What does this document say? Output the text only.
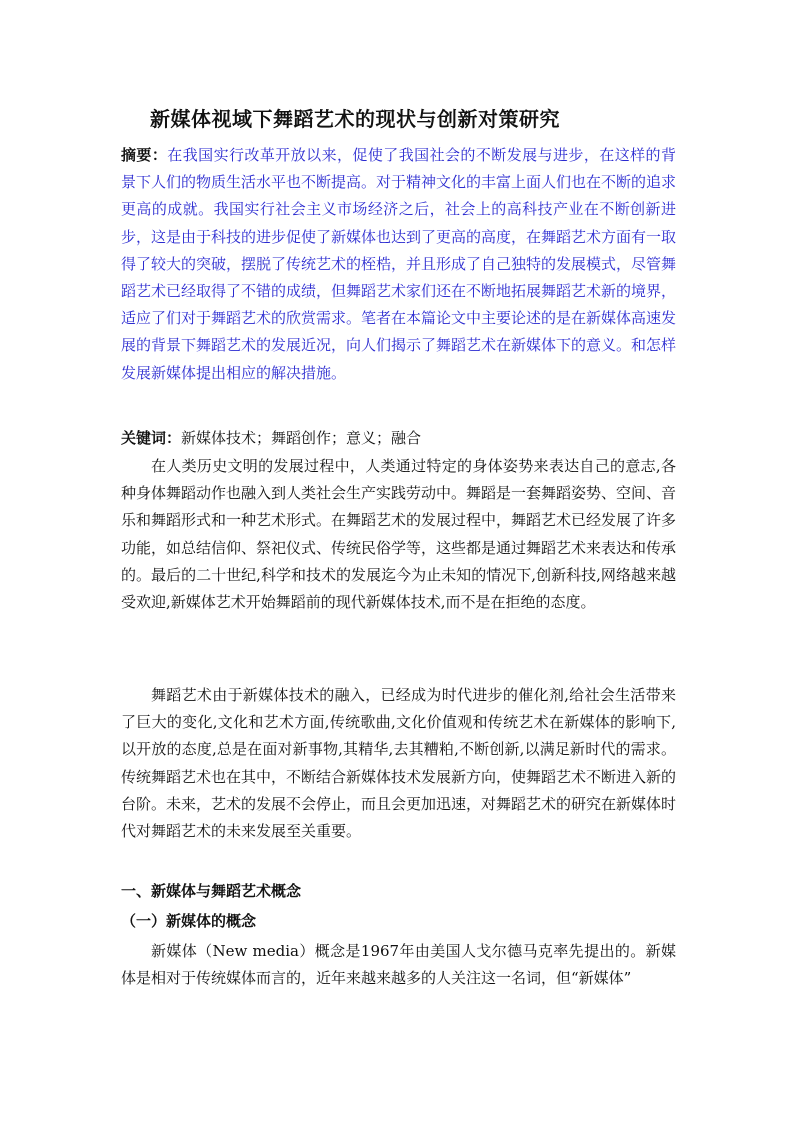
新媒体视域下舞蹈艺术的现状与创新对策研究

摘要：在我国实行改革开放以来，促使了我国社会的不断发展与进步，在这样的背景下人们的物质生活水平也不断提高。对于精神文化的丰富上面人们也在不断的追求更高的成就。我国实行社会主义市场经济之后，社会上的高科技产业在不断创新进步，这是由于科技的进步促使了新媒体也达到了更高的高度，在舞蹈艺术方面有一取得了较大的突破，摆脱了传统艺术的桎梏，并且形成了自己独特的发展模式，尽管舞蹈艺术已经取得了不错的成绩，但舞蹈艺术家们还在不断地拓展舞蹈艺术新的境界，适应了们对于舞蹈艺术的欣赏需求。笔者在本篇论文中主要论述的是在新媒体高速发展的背景下舞蹈艺术的发展近况，向人们揭示了舞蹈艺术在新媒体下的意义。和怎样发展新媒体提出相应的解决措施。

关键词：新媒体技术；舞蹈创作；意义；融合

在人类历史文明的发展过程中，人类通过特定的身体姿势来表达自己的意志,各种身体舞蹈动作也融入到人类社会生产实践劳动中。舞蹈是一套舞蹈姿势、空间、音乐和舞蹈形式和一种艺术形式。在舞蹈艺术的发展过程中，舞蹈艺术已经发展了许多功能，如总结信仰、祭祀仪式、传统民俗学等，这些都是通过舞蹈艺术来表达和传承的。最后的二十世纪,科学和技术的发展迄今为止未知的情况下,创新科技,网络越来越受欢迎,新媒体艺术开始舞蹈前的现代新媒体技术,而不是在拒绝的态度。

舞蹈艺术由于新媒体技术的融入，已经成为时代进步的催化剂,给社会生活带来了巨大的变化,文化和艺术方面,传统歌曲,文化价值观和传统艺术在新媒体的影响下,以开放的态度,总是在面对新事物,其精华,去其糟粕,不断创新,以满足新时代的需求。传统舞蹈艺术也在其中，不断结合新媒体技术发展新方向，使舞蹈艺术不断进入新的台阶。未来，艺术的发展不会停止，而且会更加迅速，对舞蹈艺术的研究在新媒体时代对舞蹈艺术的未来发展至关重要。

一、新媒体与舞蹈艺术概念
（一）新媒体的概念

新媒体（New media）概念是1967年由美国人戈尔德马克率先提出的。新媒体是相对于传统媒体而言的，近年来越来越多的人关注这一名词，但“新媒体”
